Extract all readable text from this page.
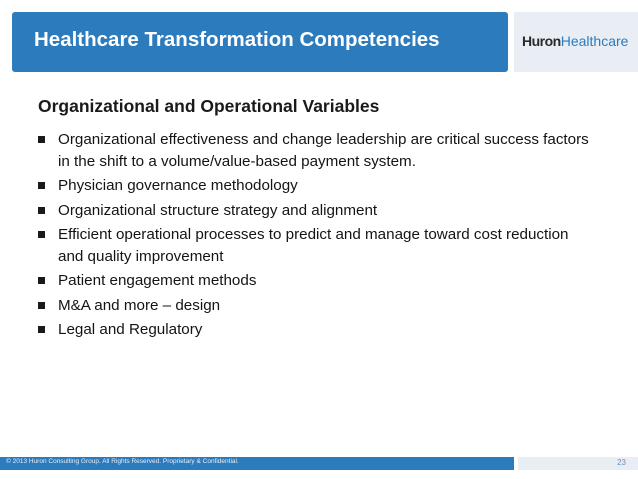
Healthcare Transformation Competencies	HuronHealthcare
Organizational and Operational Variables
Organizational effectiveness and change leadership are critical success factors in the shift to a volume/value-based payment system.
Physician governance methodology
Organizational structure strategy and alignment
Efficient operational processes to predict and manage toward cost reduction and quality improvement
Patient engagement methods
M&A and more – design
Legal and Regulatory
© 2013 Huron Consulting Group. All Rights Reserved. Proprietary & Confidential.	23
